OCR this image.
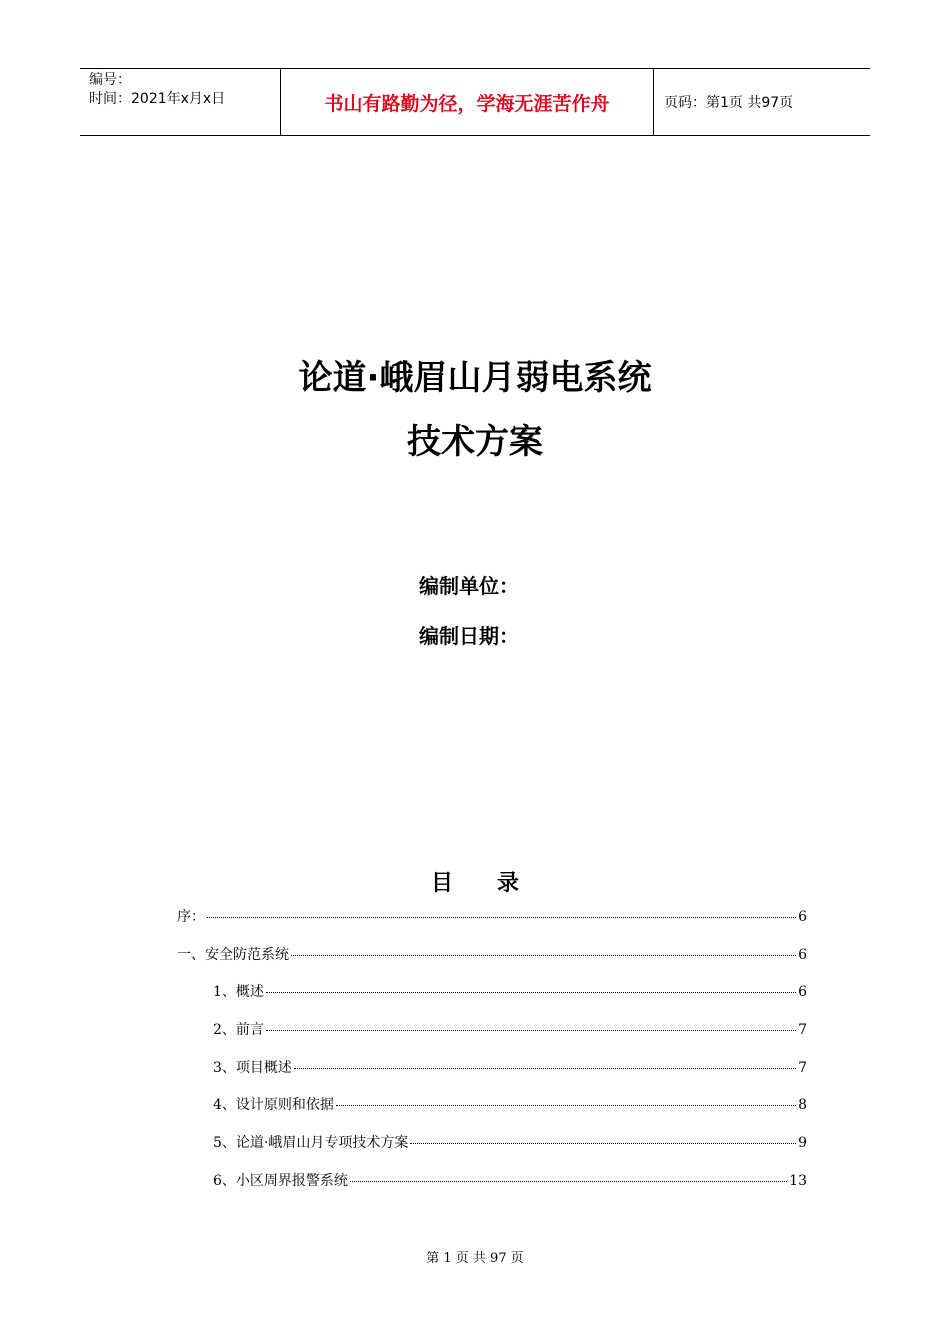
编号：
时间：2021年x月x日	书山有路勤为径，学海无涯苦作舟	页码：第1页 共97页
论道·峨眉山月弱电系统
技术方案
编制单位：
编制日期：
目录
序：	6
一、安全防范系统	6
1、概述	6
2、前言	7
3、项目概述	7
4、设计原则和依据	8
5、论道·峨眉山月专项技术方案	9
6、小区周界报警系统	13
第 1 页 共 97 页
